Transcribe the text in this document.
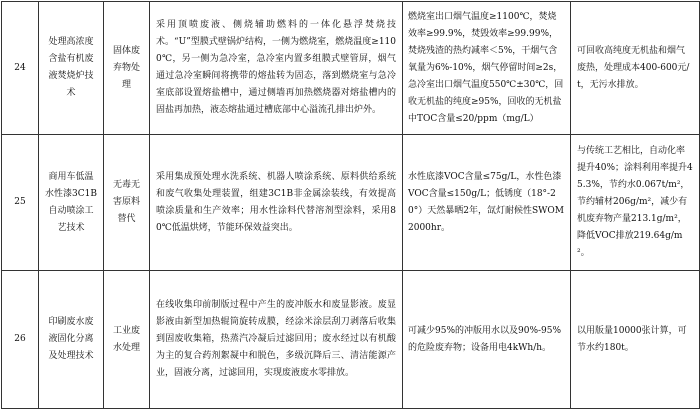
24	处理高浓度含盐有机废液焚烧炉技术	固体废弃物处理	采用顶喷废液、侧烧辅助燃料的一体化悬浮焚烧技术。“U”型膜式壁锅炉结构，一侧为燃烧室，燃烧温度≥1100℃，另一侧为急冷室，急冷室内置多组膜式壁管屏，烟气通过急冷室瞬间将携带的熔盐转为固态，落到燃烧室与急冷室底部设置熔盐槽中，通过侧墙再加热燃烧器对熔盐槽内的固盐再加热，液态熔盐通过槽底部中心溢流孔排出炉外。	燃烧室出口烟气温度≥1100℃，焚烧效率≥99.9%，焚毁效率≥99.99%，焚烧残渣的热灼减率＜5%，干烟气含氧量为6%-10%，烟气停留时间≥2s，急冷室出口烟气温度550℃±30℃，回收无机盐的纯度≥95%，回收的无机盐中TOC含量≤20/ppm（mg/L）	可回收高纯度无机盐和烟气废热，处理成本400-600元/t，无污水排放。

25	商用车低温水性漆3C1B自动喷涂工艺技术	无毒无害原料替代	采用集成预处理水洗系统、机器人喷涂系统、原料供给系统和废气收集处理装置，组建3C1B非金属涂装线，有效提高喷涂质量和生产效率；用水性涂料代替溶剂型涂料，采用80℃低温烘烤，节能环保效益突出。	水性底漆VOC含量≤75g/L，水性色漆VOC含量≤150g/L；低锈度（18°-20°）天然暴晒2年，氙灯耐候性SWOM2000hr。	与传统工艺相比，自动化率提升40%；涂料利用率提升45.3%，节约水0.067t/m²，节约辅材206g/m²，减少有机废弃物产量213.1g/m²，降低VOC排放219.64g/m²。

26	印刷废水废液固化分离及处理技术	工业废水处理	在线收集印前制版过程中产生的废冲版水和废显影液。废显影液由新型加热辊筒旋转成膜，经涂米涂层刮刀剥落后收集到固废收集箱，热蒸汽冷凝后过滤回用；废水经过以有机酸为主的复合药剂絮凝中和脱色，多级沉降后三、清洁能源产业，固液分离，过滤回用，实现废液废水零排放。	可减少95%的冲版用水以及90%-95%的危险废弃物；设备用电4kWh/h。	以用版量10000张计算，可节水约180t。
